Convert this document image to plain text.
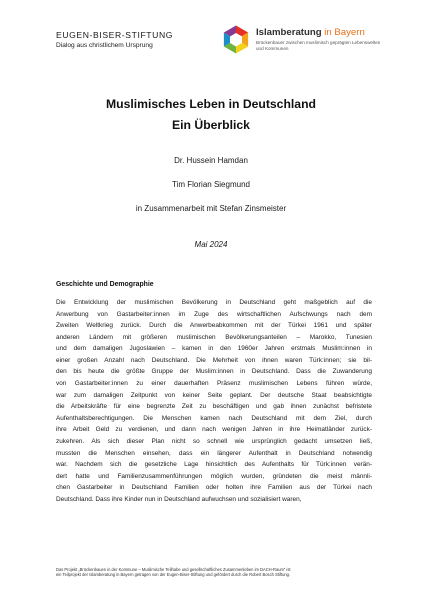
EUGEN-BISER-STIFTUNG
Dialog aus christlichem Ursprung
Islamberatung in Bayern
Brückenbauer zwischen muslimisch geprägten Lebenswelten und Kommunen
Muslimisches Leben in Deutschland
Ein Überblick
Dr. Hussein Hamdan
Tim Florian Siegmund
in Zusammenarbeit mit Stefan Zinsmeister
Mai 2024
Geschichte und Demographie
Die Entwicklung der muslimischen Bevölkerung in Deutschland geht maßgeblich auf die
Anwerbung von Gastarbeiter:innen im Zuge des wirtschaftlichen Aufschwungs nach dem
Zweiten Weltkrieg zurück. Durch die Anwerbeabkommen mit der Türkei 1961 und später
anderen Ländern mit größeren muslimischen Bevölkerungsanteilen – Marokko, Tunesien
und dem damaligen Jugoslawien – kamen in den 1960er Jahren erstmals Muslim:innen in
einer großen Anzahl nach Deutschland. Die Mehrheit von ihnen waren Türk:innen; sie bil-
den bis heute die größte Gruppe der Muslim:innen in Deutschland. Dass die Zuwanderung
von Gastarbeiter:innen zu einer dauerhaften Präsenz muslimischen Lebens führen würde,
war zum damaligen Zeitpunkt von keiner Seite geplant. Der deutsche Staat beabsichtigte
die Arbeitskräfte für eine begrenzte Zeit zu beschäftigen und gab ihnen zunächst befristete
Aufenthaltsberechtigungen. Die Menschen kamen nach Deutschland mit dem Ziel, durch
ihre Arbeit Geld zu verdienen, und dann nach wenigen Jahren in ihre Heimatländer zurück-
zukehren. Als sich dieser Plan nicht so schnell wie ursprünglich gedacht umsetzen ließ,
mussten die Menschen einsehen, dass ein längerer Aufenthalt in Deutschland notwendig
war. Nachdem sich die gesetzliche Lage hinsichtlich des Aufenthalts für Türk:innen verän-
dert hatte und Familienzusammenführungen möglich wurden, gründeten die meist männli-
chen Gastarbeiter in Deutschland Familien oder holten ihre Familien aus der Türkei nach
Deutschland. Dass ihre Kinder nun in Deutschland aufwuchsen und sozialisiert waren,
Das Projekt „Brückenbauen in der Kommune – Muslimische Teilhabe und gesellschaftliches Zusammenleben im DACH-Raum“ ist
ein Teilprojekt der Islamberatung in Bayern getragen von der Eugen-Biser-Stiftung und gefördert durch die Robert Bosch Stiftung.
